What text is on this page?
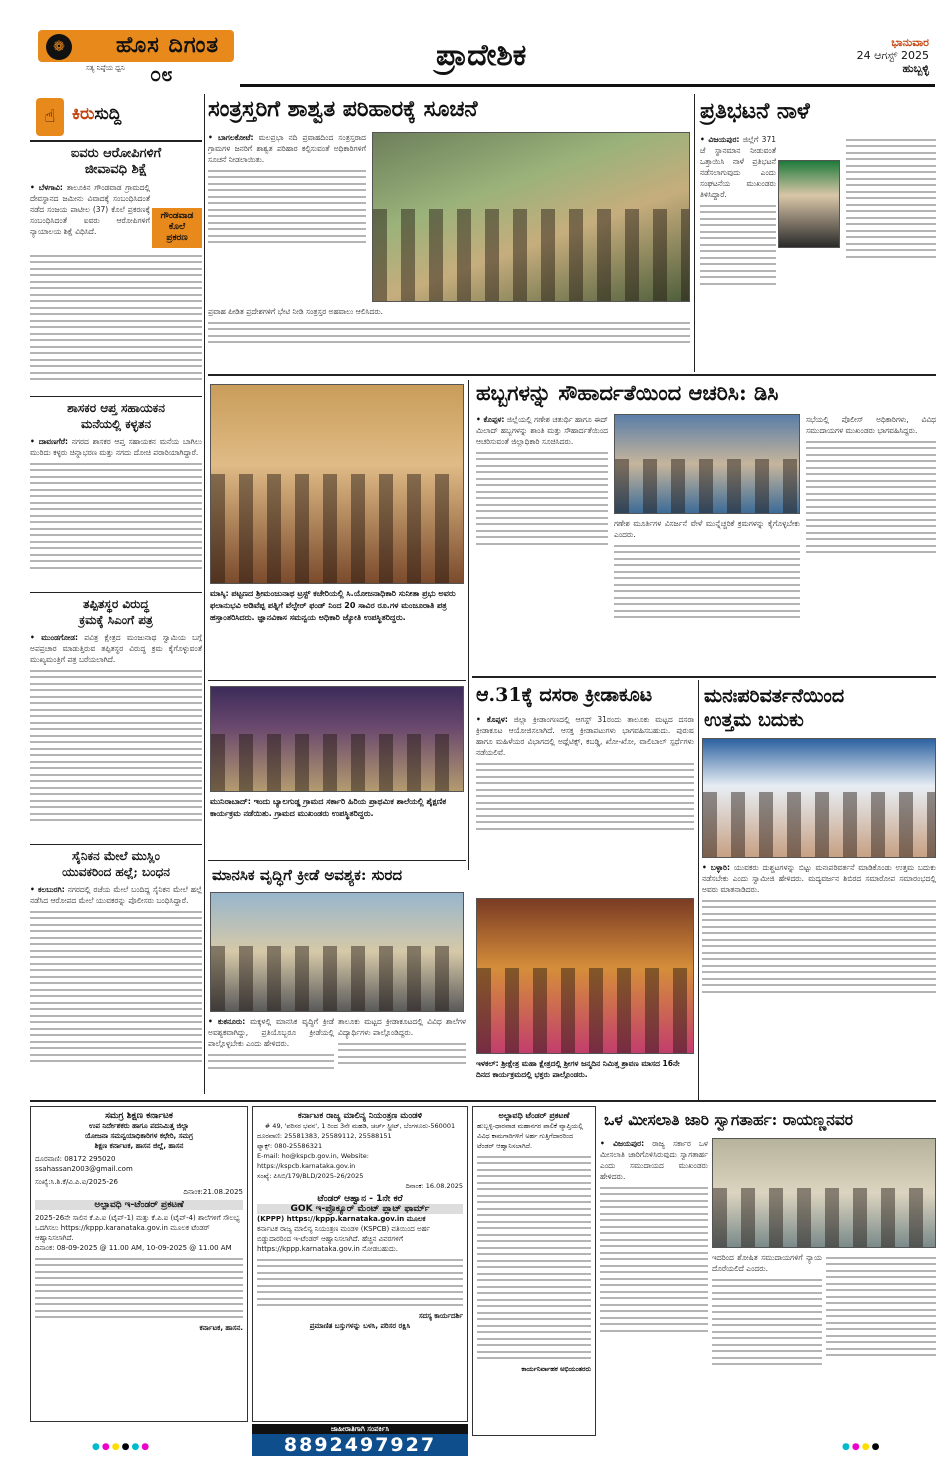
❁	ಹೊಸ ದಿಗಂತ
ಸತ್ಯ ನಿಷ್ಠೆಯ ಧ್ವನಿ ೦೮
ಪ್ರಾದೇಶಿಕ	ಭಾನುವಾರ
24 ಆಗಸ್ಟ್ 2025
ಹುಬ್ಬಳ್ಳಿ
☝ ಕಿರುಸುದ್ದಿ
ಐವರು ಆರೋಪಿಗಳಿಗೆ
ಜೀವಾವಧಿ ಶಿಕ್ಷೆ
• ಬೆಳಗಾವಿ: ತಾಲೂಕಿನ ಗೌಂಡವಾಡ ಗ್ರಾಮದಲ್ಲಿ ದೇವಸ್ಥಾನದ ಜಮೀನು ವಿವಾದಕ್ಕೆ ಸಂಬಂಧಿಸಿದಂತೆ ನಡೆದ ಸಂಜಯ ಪಾಟೀಲ (37) ಕೊಲೆ ಪ್ರಕರಣಕ್ಕೆ ಸಂಬಂಧಿಸಿದಂತೆ ಐವರು ಆರೋಪಿಗಳಿಗೆ ನ್ಯಾಯಾಲಯ ಶಿಕ್ಷೆ ವಿಧಿಸಿದೆ.
ಗೌಂಡವಾಡ
ಕೊಲೆ
ಪ್ರಕರಣ
ಶಾಸಕರ ಆಪ್ತ ಸಹಾಯಕನ
ಮನೆಯಲ್ಲಿ ಕಳ್ಳತನ
• ದಾವಣಗೆರೆ: ನಗರದ ಶಾಸಕರ ಆಪ್ತ ಸಹಾಯಕನ ಮನೆಯ ಬಾಗಿಲು ಮುರಿದು ಕಳ್ಳರು ಚಿನ್ನಾಭರಣ ಮತ್ತು ನಗದು ದೋಚಿ ಪರಾರಿಯಾಗಿದ್ದಾರೆ.
ತಪ್ಪಿತಸ್ಥರ ವಿರುದ್ಧ
ಕ್ರಮಕ್ಕೆ ಸಿಎಂಗೆ ಪತ್ರ
• ಮುಂಡಗೋಡ: ಪವಿತ್ರ ಕ್ಷೇತ್ರದ ಮಂಜುನಾಥ ಸ್ವಾಮಿಯ ಬಗ್ಗೆ ಅಪಪ್ರಚಾರ ಮಾಡುತ್ತಿರುವ ತಪ್ಪಿತಸ್ಥರ ವಿರುದ್ಧ ಕ್ರಮ ಕೈಗೊಳ್ಳುವಂತೆ ಮುಖ್ಯಮಂತ್ರಿಗೆ ಪತ್ರ ಬರೆಯಲಾಗಿದೆ.
ಸೈನಿಕನ ಮೇಲೆ ಮುಸ್ಲಿಂ
ಯುವಕರಿಂದ ಹಲ್ಲೆ; ಬಂಧನ
• ಕಲಬುರಗಿ: ನಗರದಲ್ಲಿ ರಜೆಯ ಮೇಲೆ ಬಂದಿದ್ದ ಸೈನಿಕನ ಮೇಲೆ ಹಲ್ಲೆ ನಡೆಸಿದ ಆರೋಪದ ಮೇಲೆ ಯುವಕರನ್ನು ಪೊಲೀಸರು ಬಂಧಿಸಿದ್ದಾರೆ.
ಸಂತ್ರಸ್ತರಿಗೆ ಶಾಶ್ವತ ಪರಿಹಾರಕ್ಕೆ ಸೂಚನೆ
• ಬಾಗಲಕೋಟೆ: ಮಲಪ್ರಭಾ ನದಿ ಪ್ರವಾಹದಿಂದ ಸಂತ್ರಸ್ತರಾದ ಗ್ರಾಮಗಳ ಜನರಿಗೆ ಶಾಶ್ವತ ಪರಿಹಾರ ಕಲ್ಪಿಸುವಂತೆ ಅಧಿಕಾರಿಗಳಿಗೆ ಸೂಚನೆ ನೀಡಲಾಯಿತು.
ಪ್ರವಾಹ ಪೀಡಿತ ಪ್ರದೇಶಗಳಿಗೆ ಭೇಟಿ ನೀಡಿ ಸಂತ್ರಸ್ತರ ಅಹವಾಲು ಆಲಿಸಿದರು.
ಪ್ರತಿಭಟನೆ ನಾಳೆ
• ವಿಜಯಪುರ: ಜಿಲ್ಲೆಗೆ 371 ಜೆ ಸ್ಥಾನಮಾನ ನೀಡುವಂತೆ ಒತ್ತಾಯಿಸಿ ನಾಳೆ ಪ್ರತಿಭಟನೆ ನಡೆಸಲಾಗುವುದು ಎಂದು ಸಂಘಟನೆಯ ಮುಖಂಡರು ತಿಳಿಸಿದ್ದಾರೆ.
ಮಾಸ್ಕಿ: ಪಟ್ಟಣದ ಶ್ರೀಮಂಜುನಾಥ ಟ್ರಸ್ಟ್ ಕಚೇರಿಯಲ್ಲಿ ಸಿ.ಯೋಜನಾಧಿಕಾರಿ ಸುನೀತಾ ಪ್ರಭು ಅವರು ಫಲಾನುಭವಿ ಅಡಿವೆಪ್ಪ ಪತ್ನಿಗೆ ವೆಲ್ಫೇರ್ ಫಂಡ್ ನಿಂದ 20 ಸಾವಿರ ರೂ.ಗಳ ಮಂಜೂರಾತಿ ಪತ್ರ ಹಸ್ತಾಂತರಿಸಿದರು. ಜ್ಞಾನವಿಕಾಸ ಸಮನ್ವಯ ಅಧಿಕಾರಿ ಜ್ಯೋತಿ ಉಪಸ್ಥಿತರಿದ್ದರು.
ಮುನಿರಾಬಾದ್: ಇಂದು ಬ್ಯಾಲಗುಡ್ಡ ಗ್ರಾಮದ ಸರ್ಕಾರಿ ಹಿರಿಯ ಪ್ರಾಥಮಿಕ ಶಾಲೆಯಲ್ಲಿ ಶೈಕ್ಷಣಿಕ ಕಾರ್ಯಕ್ರಮ ನಡೆಯಿತು. ಗ್ರಾಮದ ಮುಖಂಡರು ಉಪಸ್ಥಿತರಿದ್ದರು.
ಹಬ್ಬಗಳನ್ನು ಸೌಹಾರ್ದತೆಯಿಂದ ಆಚರಿಸಿ: ಡಿಸಿ
• ಕೊಪ್ಪಳ: ಜಿಲ್ಲೆಯಲ್ಲಿ ಗಣೇಶ ಚತುರ್ಥಿ ಹಾಗೂ ಈದ್ ಮಿಲಾದ್ ಹಬ್ಬಗಳನ್ನು ಶಾಂತಿ ಮತ್ತು ಸೌಹಾರ್ದತೆಯಿಂದ ಆಚರಿಸುವಂತೆ ಜಿಲ್ಲಾಧಿಕಾರಿ ಸೂಚಿಸಿದರು.
ಗಣೇಶ ಮೂರ್ತಿಗಳ ವಿಸರ್ಜನೆ ವೇಳೆ ಮುನ್ನೆಚ್ಚರಿಕೆ ಕ್ರಮಗಳನ್ನು ಕೈಗೊಳ್ಳಬೇಕು ಎಂದರು.
ಸಭೆಯಲ್ಲಿ ಪೊಲೀಸ್ ಅಧಿಕಾರಿಗಳು, ವಿವಿಧ ಸಮುದಾಯಗಳ ಮುಖಂಡರು ಭಾಗವಹಿಸಿದ್ದರು.
ಮಾನಸಿಕ ವೃದ್ಧಿಗೆ ಕ್ರೀಡೆ ಅವಶ್ಯಕ: ಸುರದ
• ಕುಕನೂರು: ಮಕ್ಕಳಲ್ಲಿ ಮಾನಸಿಕ ವೃದ್ಧಿಗೆ ಕ್ರೀಡೆ ಅವಶ್ಯಕವಾಗಿದ್ದು, ಪ್ರತಿಯೊಬ್ಬರೂ ಕ್ರೀಡೆಯಲ್ಲಿ ಪಾಲ್ಗೊಳ್ಳಬೇಕು ಎಂದು ಹೇಳಿದರು.
ತಾಲೂಕು ಮಟ್ಟದ ಕ್ರೀಡಾಕೂಟದಲ್ಲಿ ವಿವಿಧ ಶಾಲೆಗಳ ವಿದ್ಯಾರ್ಥಿಗಳು ಪಾಲ್ಗೊಂಡಿದ್ದರು.
ಆ.31ಕ್ಕೆ ದಸರಾ ಕ್ರೀಡಾಕೂಟ
• ಕೊಪ್ಪಳ: ಜಿಲ್ಲಾ ಕ್ರೀಡಾಂಗಣದಲ್ಲಿ ಆಗಸ್ಟ್ 31ರಂದು ತಾಲೂಕು ಮಟ್ಟದ ದಸರಾ ಕ್ರೀಡಾಕೂಟ ಆಯೋಜಿಸಲಾಗಿದೆ. ಆಸಕ್ತ ಕ್ರೀಡಾಪಟುಗಳು ಭಾಗವಹಿಸಬಹುದು. ಪುರುಷ ಹಾಗೂ ಮಹಿಳೆಯರ ವಿಭಾಗದಲ್ಲಿ ಅಥ್ಲೆಟಿಕ್ಸ್, ಕಬಡ್ಡಿ, ಖೋ-ಖೋ, ವಾಲಿಬಾಲ್ ಸ್ಪರ್ಧೆಗಳು ನಡೆಯಲಿವೆ.
ಮನಃಪರಿವರ್ತನೆಯಿಂದ
ಉತ್ತಮ ಬದುಕು
• ಬಳ್ಳಾರಿ: ಯುವಕರು ದುಶ್ಚಟಗಳನ್ನು ಬಿಟ್ಟು ಮನಃಪರಿವರ್ತನೆ ಮಾಡಿಕೊಂಡು ಉತ್ತಮ ಬದುಕು ನಡೆಸಬೇಕು ಎಂದು ಸ್ವಾಮೀಜಿ ಹೇಳಿದರು. ಮದ್ಯವರ್ಜನ ಶಿಬಿರದ ಸಮಾರೋಪ ಸಮಾರಂಭದಲ್ಲಿ ಅವರು ಮಾತನಾಡಿದರು.
ಇಳಕಲ್: ಶ್ರೀಕ್ಷೇತ್ರ ಮಹಾ ಕ್ಷೇತ್ರದಲ್ಲಿ ಶ್ರೀಗಳ ಜನ್ಮದಿನ ನಿಮಿತ್ತ ಶ್ರಾವಣ ಮಾಸದ 16ನೇ ದಿನದ ಕಾರ್ಯಕ್ರಮದಲ್ಲಿ ಭಕ್ತರು ಪಾಲ್ಗೊಂಡರು.
ಸಮಗ್ರ ಶಿಕ್ಷಣ ಕರ್ನಾಟಕ
ಉಪ ನಿರ್ದೇಶಕರು ಹಾಗೂ ಪದನಿಮಿತ್ತ ಜಿಲ್ಲಾ
ಯೋಜನಾ ಸಮನ್ವಯಾಧಿಕಾರಿಗಳ ಕಛೇರಿ, ಸಮಗ್ರ
ಶಿಕ್ಷಣ ಕರ್ನಾಟಕ, ಹಾಸನ ಜಿಲ್ಲೆ, ಹಾಸನ
ದೂರವಾಣಿ: 08172 295020
ssahassan2003@gmail.com
ಸಂಖ್ಯೆ:ಸಿ.ಶಿ.ಕೆ/ವಿ.ಪಿ.ಐ/2025-26
ದಿನಾಂಕ:21.08.2025
ಅಲ್ಪಾವಧಿ ಇ-ಟೆಂಡರ್ ಪ್ರಕಟಣೆ
2025-26ನೇ ಸಾಲಿನ ಕೆ.ಪಿ.ಐ (ಟೈಪ್-1) ಮತ್ತು ಕೆ.ಪಿ.ಐ (ಟೈಪ್-4) ಶಾಲೆಗಳಿಗೆ ಸೌಲಭ್ಯ ಒದಗಿಸಲು https://kppp.karanataka.gov.in ಮೂಲಕ ಟೆಂಡರ್ ಆಹ್ವಾನಿಸಲಾಗಿದೆ.
ದಿನಾಂಕ: 08-09-2025 @ 11.00 AM, 10-09-2025 @ 11.00 AM
ಕರ್ನಾಟಕ, ಹಾಸನ.
ಕರ್ನಾಟಕ ರಾಜ್ಯ ಮಾಲಿನ್ಯ ನಿಯಂತ್ರಣ ಮಂಡಳಿ
# 49, 'ಪರಿಸರ ಭವನ', 1 ರಿಂದ 3ನೇ ಮಹಡಿ, ಚರ್ಚ್ ಸ್ಟ್ರೀಟ್, ಬೆಂಗಳೂರು-560001
ದೂರವಾಣಿ: 25581383, 25589112, 25588151
ಫ್ಯಾಕ್ಸ್: 080-25586321
E-mail: ho@kspcb.gov.in, Website: https://kspcb.karnataka.gov.in
ಸಂಖ್ಯೆ: ಪಿಸಿಬಿ/179/BLD/2025-26/2025
ದಿನಾಂಕ: 16.08.2025
ಟೆಂಡರ್ ಆಹ್ವಾನ - 1ನೇ ಕರೆ
GOK ಇ-ಪ್ರೊಕ್ಯೂರ್ ಮೆಂಟ್ ಪ್ಲಾಟ್ ಫಾರ್ಮ್
(KPPP) https://kppp.karnataka.gov.in ಮೂಲಕ
ಕರ್ನಾಟಕ ರಾಜ್ಯ ಮಾಲಿನ್ಯ ನಿಯಂತ್ರಣ ಮಂಡಳಿ (KSPCB) ವತಿಯಿಂದ ಅರ್ಹ ಬಿಡ್ಡುದಾರರಿಂದ ಇ-ಟೆಂಡರ್ ಆಹ್ವಾನಿಸಲಾಗಿದೆ. ಹೆಚ್ಚಿನ ವಿವರಗಳಿಗೆ https://kppp.karnataka.gov.in ನೋಡಬಹುದು.
ಸದಸ್ಯ ಕಾರ್ಯದರ್ಶಿ
ಪ್ರಮಾಣಿತ ಬಸ್ತುಗಳನ್ನು ಬಳಸಿ, ಪರಿಸರ ರಕ್ಷಿಸಿ
ಜಾಹೀರಾತಿಗಾಗಿ ಸಂಪರ್ಕಿಸಿ
8892497927
ಅಲ್ಪಾವಧಿ ಟೆಂಡರ್ ಪ್ರಕಟಣೆ
ಹುಬ್ಬಳ್ಳಿ-ಧಾರವಾಡ ಮಹಾನಗರ ಪಾಲಿಕೆ ವ್ಯಾಪ್ತಿಯಲ್ಲಿ ವಿವಿಧ ಕಾಮಗಾರಿಗಳಿಗೆ ಅರ್ಹ ಗುತ್ತಿಗೆದಾರರಿಂದ ಟೆಂಡರ್ ಆಹ್ವಾನಿಸಲಾಗಿದೆ.
ಕಾರ್ಯನಿರ್ವಾಹಕ ಅಭಿಯಂತರರು
ಒಳ ಮೀಸಲಾತಿ ಜಾರಿ ಸ್ವಾಗತಾರ್ಹ: ರಾಯಣ್ಣನವರ
• ವಿಜಯಪುರ: ರಾಜ್ಯ ಸರ್ಕಾರ ಒಳ ಮೀಸಲಾತಿ ಜಾರಿಗೊಳಿಸಿರುವುದು ಸ್ವಾಗತಾರ್ಹ ಎಂದು ಸಮುದಾಯದ ಮುಖಂಡರು ಹೇಳಿದರು.
ಇದರಿಂದ ಶೋಷಿತ ಸಮುದಾಯಗಳಿಗೆ ನ್ಯಾಯ ದೊರೆಯಲಿದೆ ಎಂದರು.
●●●●●●	●●●●
